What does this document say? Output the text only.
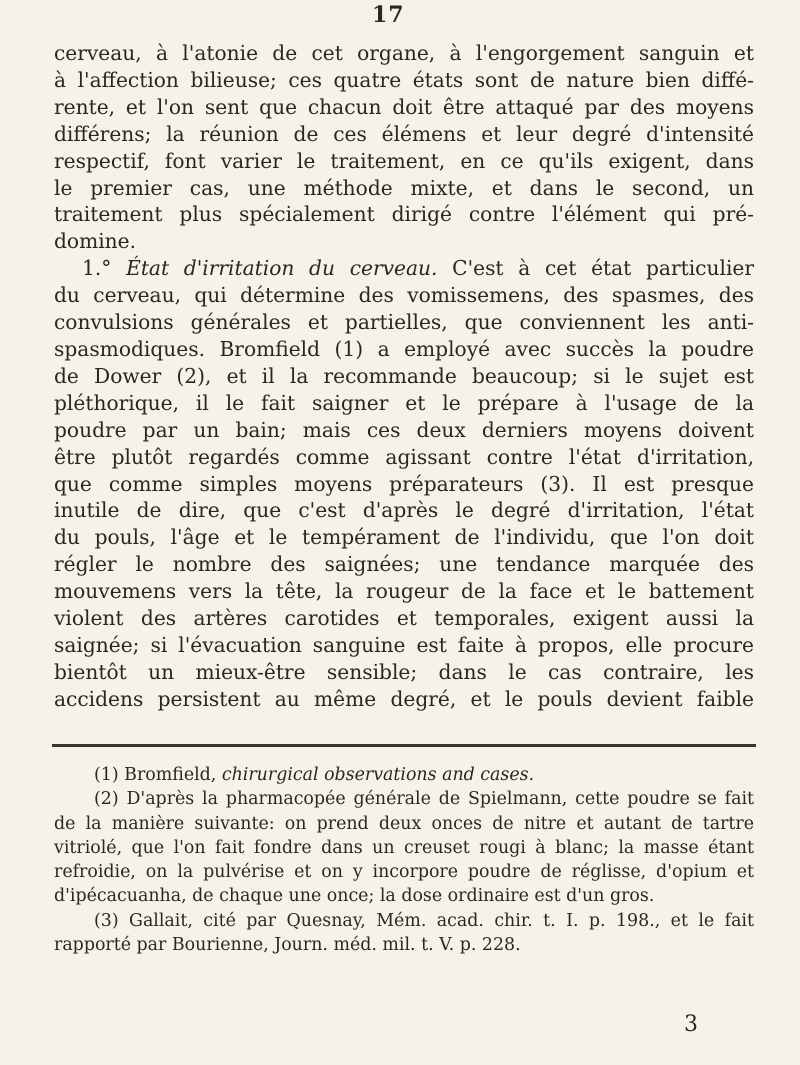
17
cerveau, à l'atonie de cet organe, à l'engorgement sanguin et
à l'affection bilieuse; ces quatre états sont de nature bien diffé-
rente, et l'on sent que chacun doit être attaqué par des moyens
différens; la réunion de ces élémens et leur degré d'intensité
respectif, font varier le traitement, en ce qu'ils exigent, dans
le premier cas, une méthode mixte, et dans le second, un
traitement plus spécialement dirigé contre l'élément qui pré-
domine.
1.° État d'irritation du cerveau. C'est à cet état particulier
du cerveau, qui détermine des vomissemens, des spasmes, des
convulsions générales et partielles, que conviennent les anti-
spasmodiques. Bromfield (1) a employé avec succès la poudre
de Dower (2), et il la recommande beaucoup; si le sujet est
pléthorique, il le fait saigner et le prépare à l'usage de la
poudre par un bain; mais ces deux derniers moyens doivent
être plutôt regardés comme agissant contre l'état d'irritation,
que comme simples moyens préparateurs (3). Il est presque
inutile de dire, que c'est d'après le degré d'irritation, l'état
du pouls, l'âge et le tempérament de l'individu, que l'on doit
régler le nombre des saignées; une tendance marquée des
mouvemens vers la tête, la rougeur de la face et le battement
violent des artères carotides et temporales, exigent aussi la
saignée; si l'évacuation sanguine est faite à propos, elle procure
bientôt un mieux-être sensible; dans le cas contraire, les
accidens persistent au même degré, et le pouls devient faible
(1) Bromfield, chirurgical observations and cases.
(2) D'après la pharmacopée générale de Spielmann, cette poudre se fait
de la manière suivante: on prend deux onces de nitre et autant de tartre
vitriolé, que l'on fait fondre dans un creuset rougi à blanc; la masse étant
refroidie, on la pulvérise et on y incorpore poudre de réglisse, d'opium et
d'ipécacuanha, de chaque une once; la dose ordinaire est d'un gros.
(3) Gallait, cité par Quesnay, Mém. acad. chir. t. I. p. 198., et le fait
rapporté par Bourienne, Journ. méd. mil. t. V. p. 228.
3
